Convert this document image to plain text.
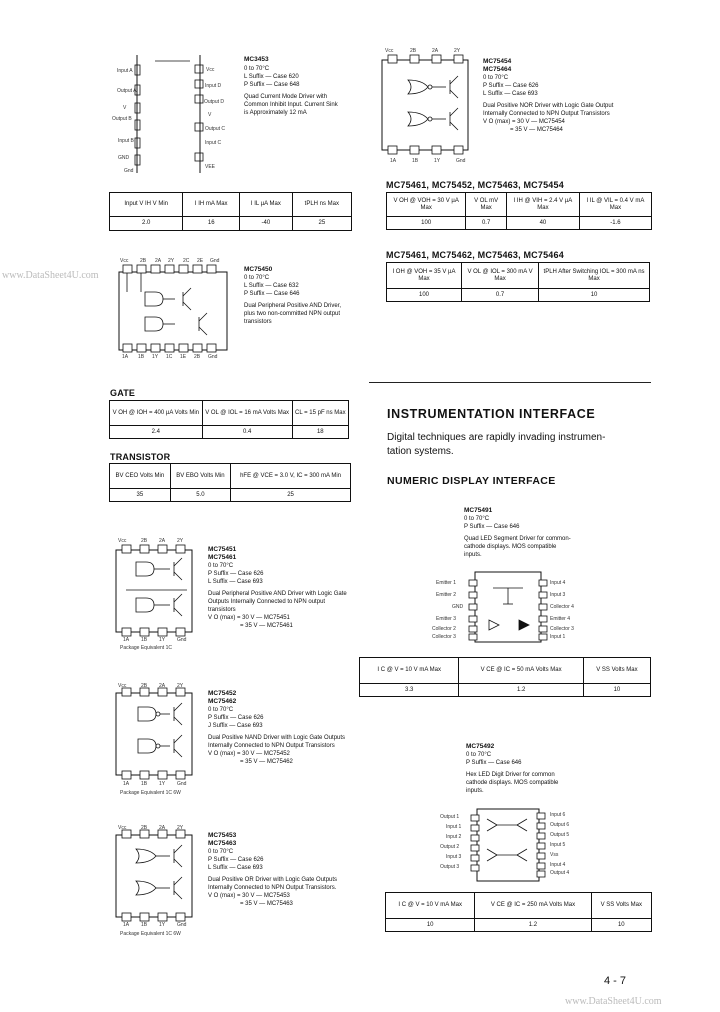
www.DataSheet4U.com
www.DataSheet4U.com
4 - 7
Input A
Output A
V
Output B
Input B
GND
Gnd
Vcc
Input D
Output D
V
Output C
Input C
VEE
MC3453
0 to 70°C
L Suffix — Case 620
P Suffix — Case 648
Quad Current Mode Driver with
Common Inhibit Input. Current Sink
is Approximately 12 mA
Input V IH V Min	I IH mA Max	I IL µA Max	tPLH ns Max
2.0	16	-40	25
Vcc 2B 2A 2Y 2C 2E Gnd
1A 1B 1Y 1C 1E 2B Gnd
MC75450
0 to 70°C
L Suffix — Case 632
P Suffix — Case 646
Dual Peripheral Positive AND Driver,
plus two non-committed NPN output
transistors
GATE
V OH @ IOH = 400 µA Volts Min	V OL @ IOL = 16 mA Volts Max	CL = 15 pF ns Max
2.4	0.4	18
TRANSISTOR
BV CEO Volts Min	BV EBO Volts Min	hFE @ VCE = 3.0 V, IC = 300 mA Min
35	5.0	25
Vcc	2B 2A 2Y
1A 1B 1Y Gnd
Package Equivalent 1C
MC75451
MC75461
0 to 70°C
P Suffix — Case 626
L Suffix — Case 693
Dual Peripheral Positive AND Driver with Logic Gate
Outputs Internally Connected to NPN output
transistors
V O (max) = 30 V — MC75451
= 35 V — MC75461
Vcc	2B 2A 2Y
1A 1B 1Y Gnd
Package Equivalent 1C 6W
MC75452
MC75462
0 to 70°C
P Suffix — Case 626
J Suffix — Case 693
Dual Positive NAND Driver with Logic Gate Outputs
Internally Connected to NPN Output Transistors
V O (max) = 30 V — MC75452
= 35 V — MC75462
Vcc	2B 2A 2Y
1A 1B 1Y Gnd
Package Equivalent 1C 6W
MC75453
MC75463
0 to 70°C
P Suffix — Case 626
L Suffix — Case 693
Dual Positive OR Driver with Logic Gate Outputs
Internally Connected to NPN Output Transistors.
V O (max) = 30 V — MC75453
= 35 V — MC75463
Vcc	2B	2A	2Y
1A	1B	1Y	Gnd
MC75454
MC75464
0 to 70°C
P Suffix — Case 626
L Suffix — Case 693
Dual Positive NOR Driver with Logic Gate Output
Internally Connected to NPN Output Transistors
V O (max) = 30 V — MC75454
= 35 V — MC75464
MC75461, MC75452, MC75463, MC75454
V OH @ VOH = 30 V µA Max	V OL mV Max	I IH @ VIH = 2.4 V µA Max	I IL @ VIL = 0.4 V mA Max
100	0.7	40	-1.6
MC75461, MC75462, MC75463, MC75464
I OH @ VOH = 35 V µA Max	V OL @ IOL = 300 mA V Max	tPLH After Switching IOL = 300 mA ns Max
100	0.7	10
INSTRUMENTATION INTERFACE
Digital techniques are rapidly invading instrumen-
tation systems.
NUMERIC DISPLAY INTERFACE
MC75491
0 to 70°C
P Suffix — Case 646
Quad LED Segment Driver for common-
cathode displays. MOS compatible
inputs.
Emitter 1
Emitter 2
GND
Emitter 3
Collector 2
Collector 3
Input 4
Input 3
Collector 4
Emitter 4
Collector 3
Input 1
I C @ V = 10 V mA Max	V CE @ IC = 50 mA Volts Max	V SS Volts Max
3.3	1.2	10
MC75492
0 to 70°C
P Suffix — Case 646
Hex LED Digit Driver for common
cathode displays. MOS compatible
inputs.
Output 1
Input 1
Input 2
Output 2
Input 3
Output 3
Input 6
Output 6
Output 5
Input 5
Vss
Input 4
Output 4
I C @ V = 10 V mA Max	V CE @ IC = 250 mA Volts Max	V SS Volts Max
10	1.2	10
